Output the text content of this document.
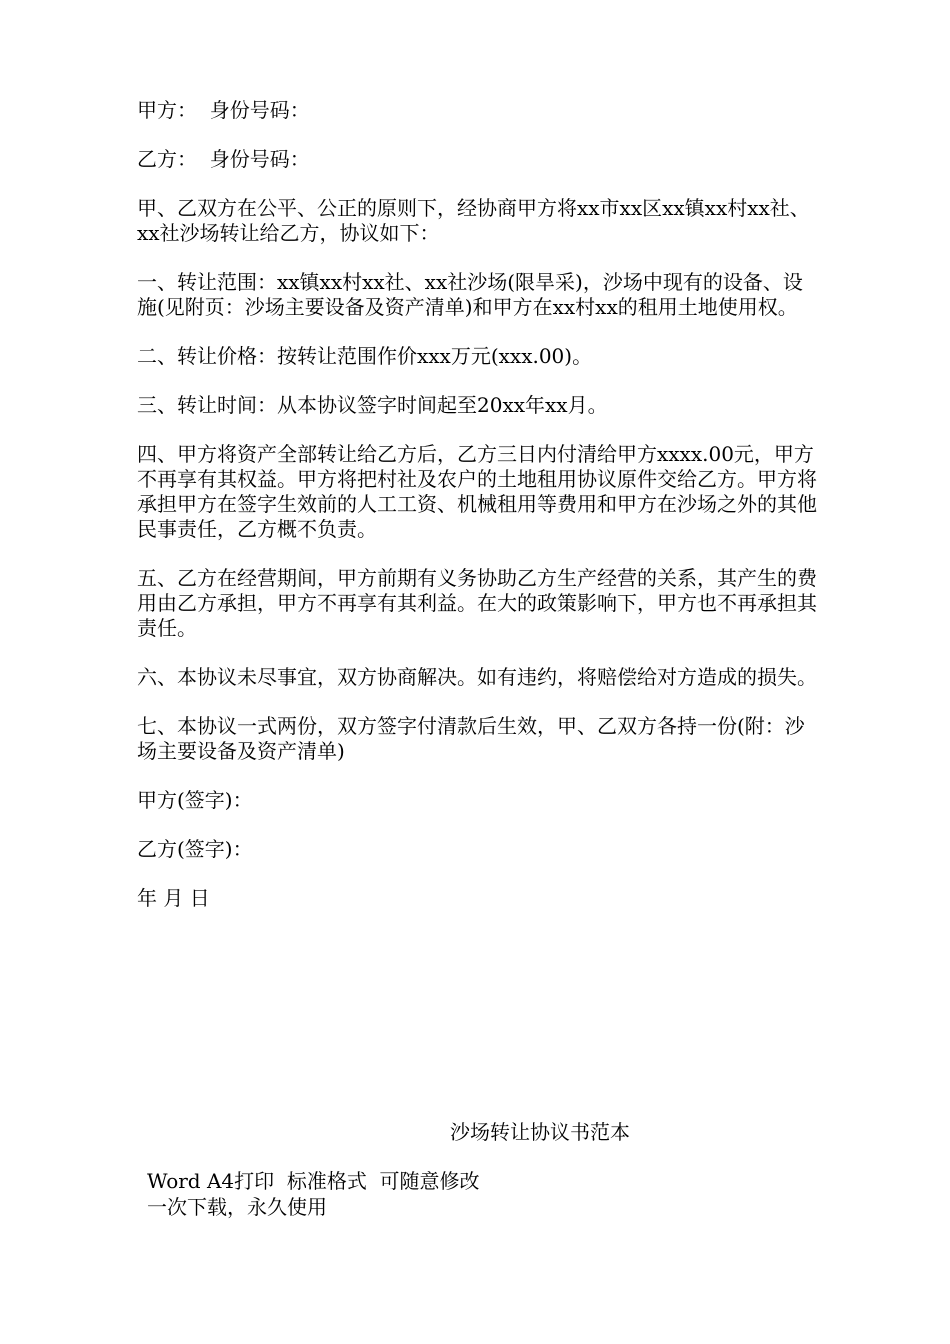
甲方：  身份号码：

乙方：  身份号码：

甲、乙双方在公平、公正的原则下，经协商甲方将xx市xx区xx镇xx村xx社、xx社沙场转让给乙方，协议如下：

一、转让范围：xx镇xx村xx社、xx社沙场(限旱采)，沙场中现有的设备、设施(见附页：沙场主要设备及资产清单)和甲方在xx村xx的租用土地使用权。

二、转让价格：按转让范围作价xxx万元(xxx.00)。

三、转让时间：从本协议签字时间起至20xx年xx月。

四、甲方将资产全部转让给乙方后，乙方三日内付清给甲方xxxx.00元，甲方不再享有其权益。甲方将把村社及农户的土地租用协议原件交给乙方。甲方将承担甲方在签字生效前的人工工资、机械租用等费用和甲方在沙场之外的其他民事责任，乙方概不负责。

五、乙方在经营期间，甲方前期有义务协助乙方生产经营的关系，其产生的费用由乙方承担，甲方不再享有其利益。在大的政策影响下，甲方也不再承担其责任。

六、本协议未尽事宜，双方协商解决。如有违约，将赔偿给对方造成的损失。

七、本协议一式两份，双方签字付清款后生效，甲、乙双方各持一份(附：沙场主要设备及资产清单)

甲方(签字)：

乙方(签字)：

年 月 日

沙场转让协议书范本
Word A4打印  标准格式  可随意修改
一次下载，永久使用
